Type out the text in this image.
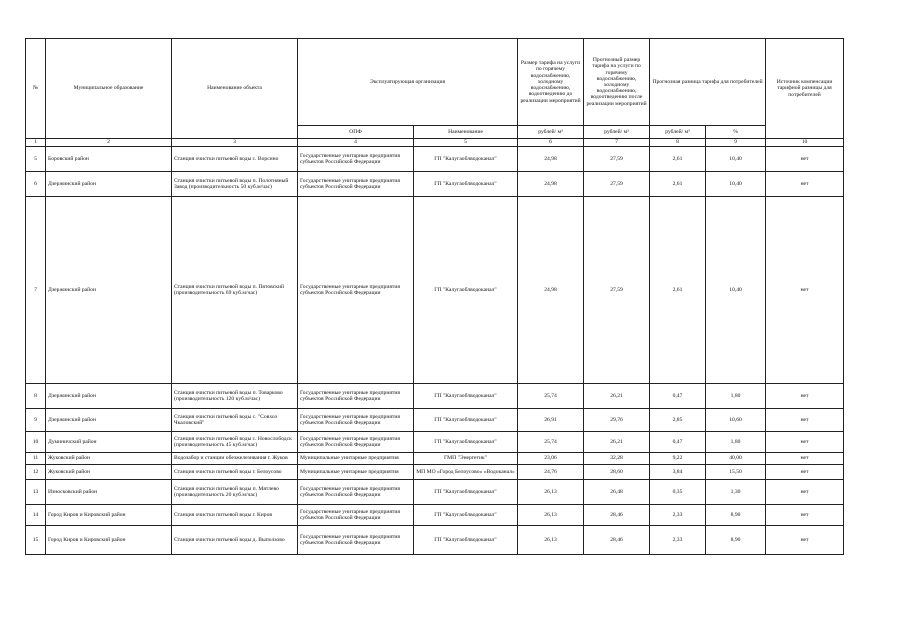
№	Муниципальное образование	Наименование объекта	Эксплуатирующая организация		Размер тарифа на услуги по горячему водоснабжению, холодному водоснабжению, водоотведению до реализации мероприятий	Прогнозный размер тарифа на услуги по горячему водоснабжению, холодному водоснабжению, водоотведению после реализации мероприятий	Прогнозная разница тарифа для потребителей		Источник компенсации тарифной разницы для потребителей
			ОПФ	Наименование	рублей/ м³	рублей/ м³	рублей/ м³	%	
1	2	3	4	5	6	7	8	9	10
5	Боровский район	Станция очистки питьевой воды с. Ворсино	Государственные унитарные предприятия субъектов Российской Федерации	ГП "Калугаоблводоканал"	24,98	27,59	2,61	10,40	нет
6	Дзержинский район	Станция очистки питьевой воды п. Полотняный Завод (производительность 50 куб.м/час)	Государственные унитарные предприятия субъектов Российской Федерации	ГП "Калугаоблводоканал"	24,98	27,59	2,61	10,40	нет
7	Дзержинский район	Станция очистки питьевой воды п. Пятовский (производительность 69 куб.м/час)	Государственные унитарные предприятия субъектов Российской Федерации	ГП "Калугаоблводоканал"	24,98	27,59	2,61	10,40	нет
8	Дзержинский район	Станция очистки питьевой воды п. Товарково (производительность 120 куб.м/час)	Государственные унитарные предприятия субъектов Российской Федерации	ГП "Калугаоблводоканал"	25,74	26,21	0,47	1,80	нет
9	Дзержинский район	Станция очистки питьевой воды с. "Совхоз Чкаловский"	Государственные унитарные предприятия субъектов Российской Федерации	ГП "Калугаоблводоканал"	26,91	29,76	2,85	10,60	нет
10	Думиничский район	Станция очистки питьевой воды с. Новослободск (производительность 45 куб.м/час)	Государственные унитарные предприятия субъектов Российской Федерации	ГП "Калугаоблводоканал"	25,74	26,21	0,47	1,80	нет
11	Жуковский район	Водозабор и станции обезжелезивания г. Жуков	Муниципальные унитарные предприятия	ГМП "Энергетик"	23,06	32,28	9,22	40,00	нет
12	Жуковский район	Станция очистки питьевой воды г. Белоусово	Муниципальные унитарные предприятия	МП МО «Город Белоусово» «Водоканал»	24,76	28,60	3,84	15,50	нет
13	Износковский район	Станция очистки питьевой воды п. Мятлево (производительность 20 куб.м/час)	Государственные унитарные предприятия субъектов Российской Федерации	ГП "Калугаоблводоканал"	26,13	26,48	0,35	1,30	нет
14	Город Киров и Кировский район	Станция очистки питьевой воды г. Киров	Государственные унитарные предприятия субъектов Российской Федерации	ГП "Калугаоблводоканал"	26,13	28,46	2,33	8,90	нет
15	Город Киров и Кировский район	Станция очистки питьевой воды д. Выползово	Государственные унитарные предприятия субъектов Российской Федерации	ГП "Калугаоблводоканал"	26,13	28,46	2,33	8,90	нет
